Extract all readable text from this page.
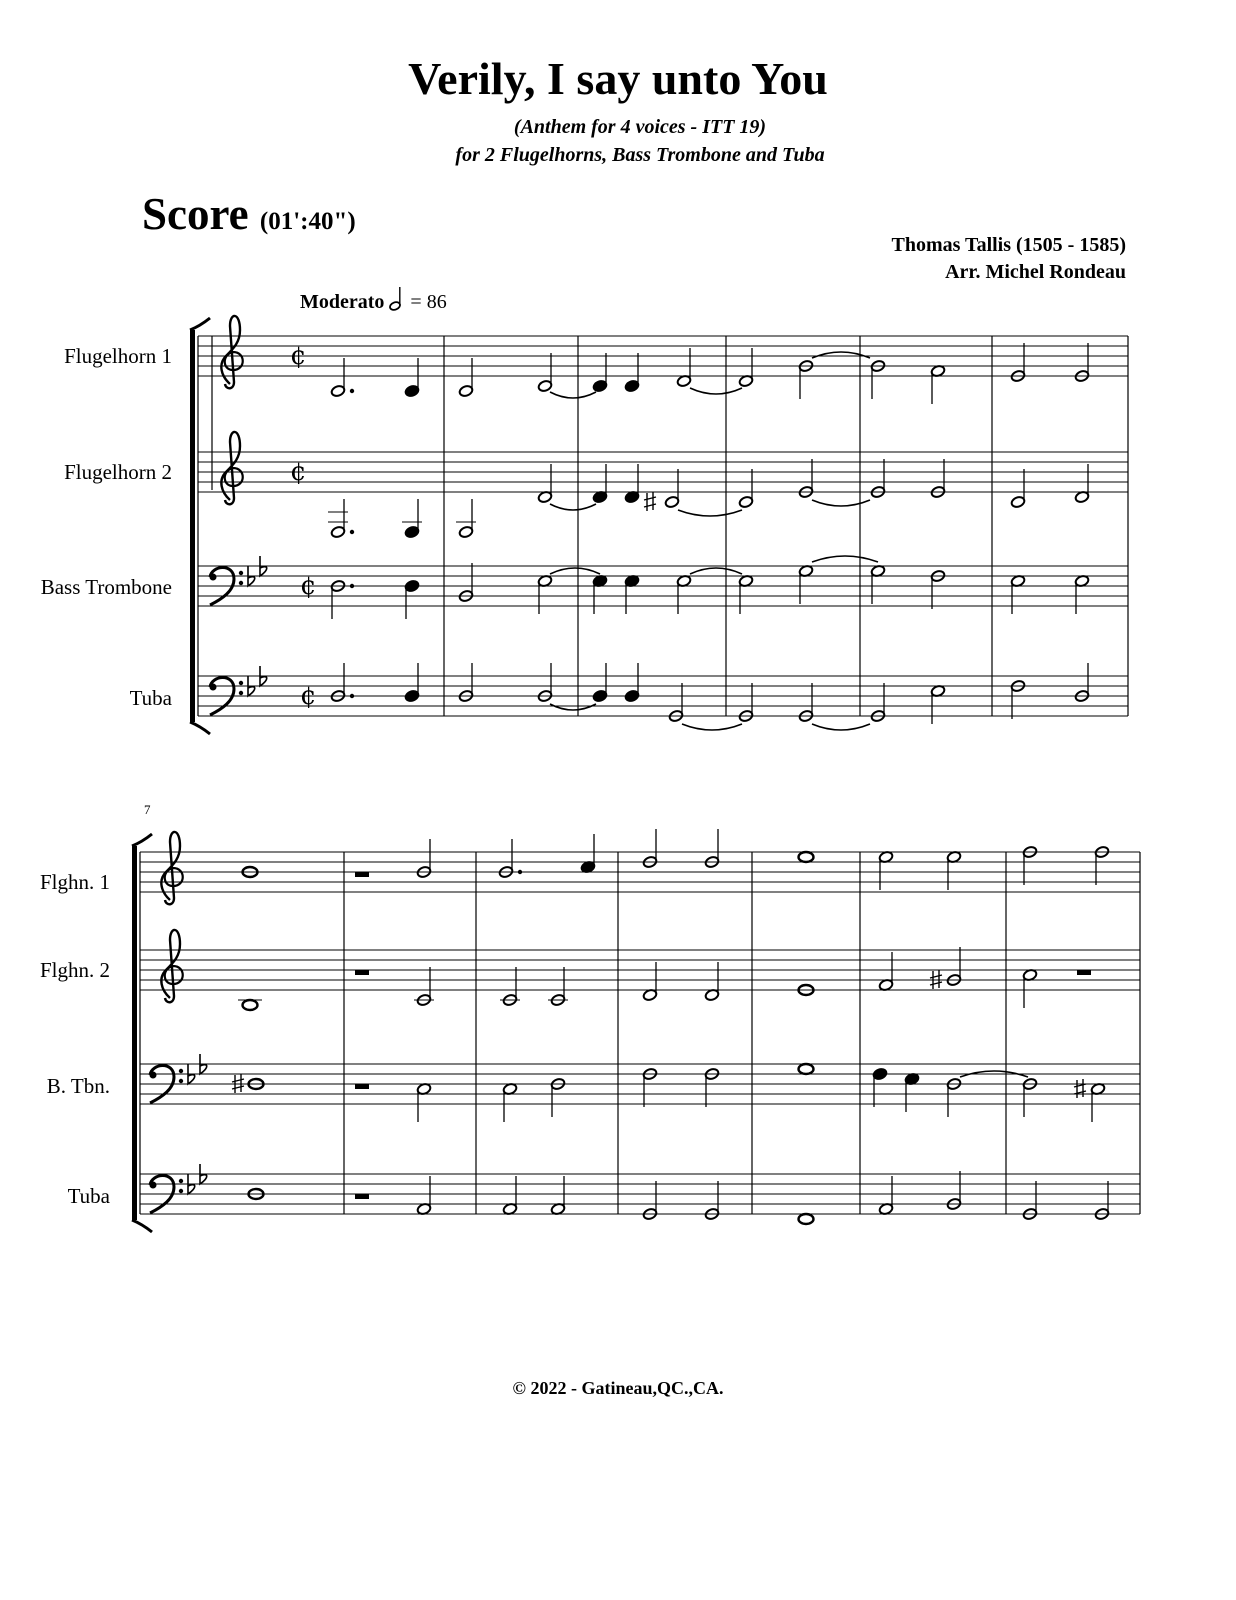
Verily, I say unto You
(Anthem for 4 voices - ITT 19)
for 2 Flugelhorns, Bass Trombone and Tuba
Score (01':40")
Thomas Tallis (1505 - 1585)
Arr. Michel Rondeau
Moderato = 86
Flugelhorn 1
Flugelhorn 2
Bass Trombone
Tuba
Flghn. 1
Flghn. 2
B. Tbn.
Tuba
7
¢
¢
¢
¢
© 2022 - Gatineau,QC.,CA.
